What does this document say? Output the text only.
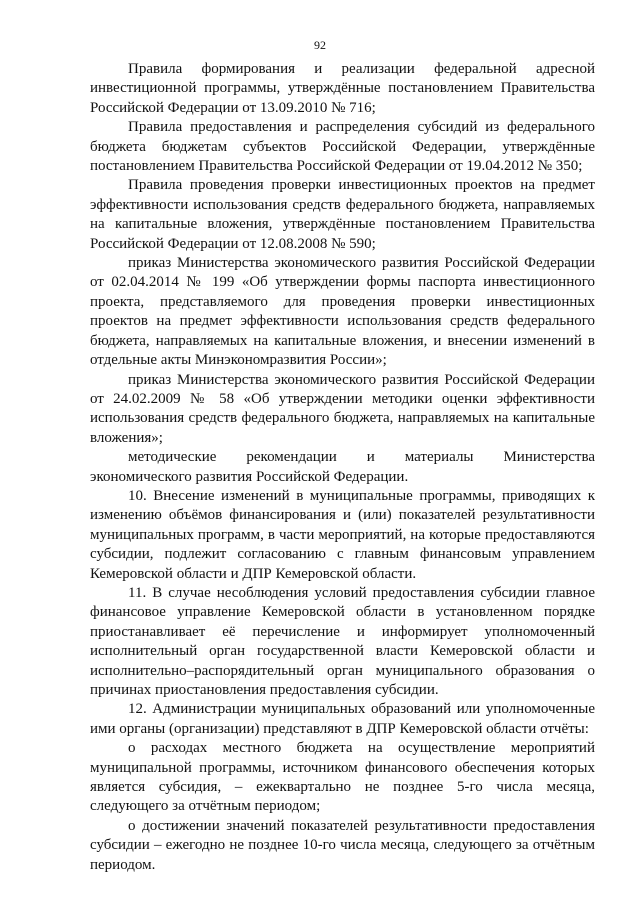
92

Правила формирования и реализации федеральной адресной инвестиционной программы, утверждённые постановлением Правительства Российской Федерации от 13.09.2010 № 716;

Правила предоставления и распределения субсидий из федерального бюджета бюджетам субъектов Российской Федерации, утверждённые постановлением Правительства Российской Федерации от 19.04.2012 № 350;

Правила проведения проверки инвестиционных проектов на предмет эффективности использования средств федерального бюджета, направляемых на капитальные вложения, утверждённые постановлением Правительства Российской Федерации от 12.08.2008 № 590;

приказ Министерства экономического развития Российской Федерации от 02.04.2014 № 199 «Об утверждении формы паспорта инвестиционного проекта, представляемого для проведения проверки инвестиционных проектов на предмет эффективности использования средств федерального бюджета, направляемых на капитальные вложения, и внесении изменений в отдельные акты Минэкономразвития России»;

приказ Министерства экономического развития Российской Федерации от 24.02.2009 № 58 «Об утверждении методики оценки эффективности использования средств федерального бюджета, направляемых на капитальные вложения»;

методические рекомендации и материалы Министерства экономического развития Российской Федерации.

10. Внесение изменений в муниципальные программы, приводящих к изменению объёмов финансирования и (или) показателей результативности муниципальных программ, в части мероприятий, на которые предоставляются субсидии, подлежит согласованию с главным финансовым управлением Кемеровской области и ДПР Кемеровской области.

11. В случае несоблюдения условий предоставления субсидии главное финансовое управление Кемеровской области в установленном порядке приостанавливает её перечисление и информирует уполномоченный исполнительный орган государственной власти Кемеровской области и исполнительно–распорядительный орган муниципального образования о причинах приостановления предоставления субсидии.

12. Администрации муниципальных образований или уполномоченные ими органы (организации) представляют в ДПР Кемеровской области отчёты:

о расходах местного бюджета на осуществление мероприятий муниципальной программы, источником финансового обеспечения которых является субсидия, – ежеквартально не позднее 5-го числа месяца, следующего за отчётным периодом;

о достижении значений показателей результативности предоставления субсидии – ежегодно не позднее 10-го числа месяца, следующего за отчётным периодом.
